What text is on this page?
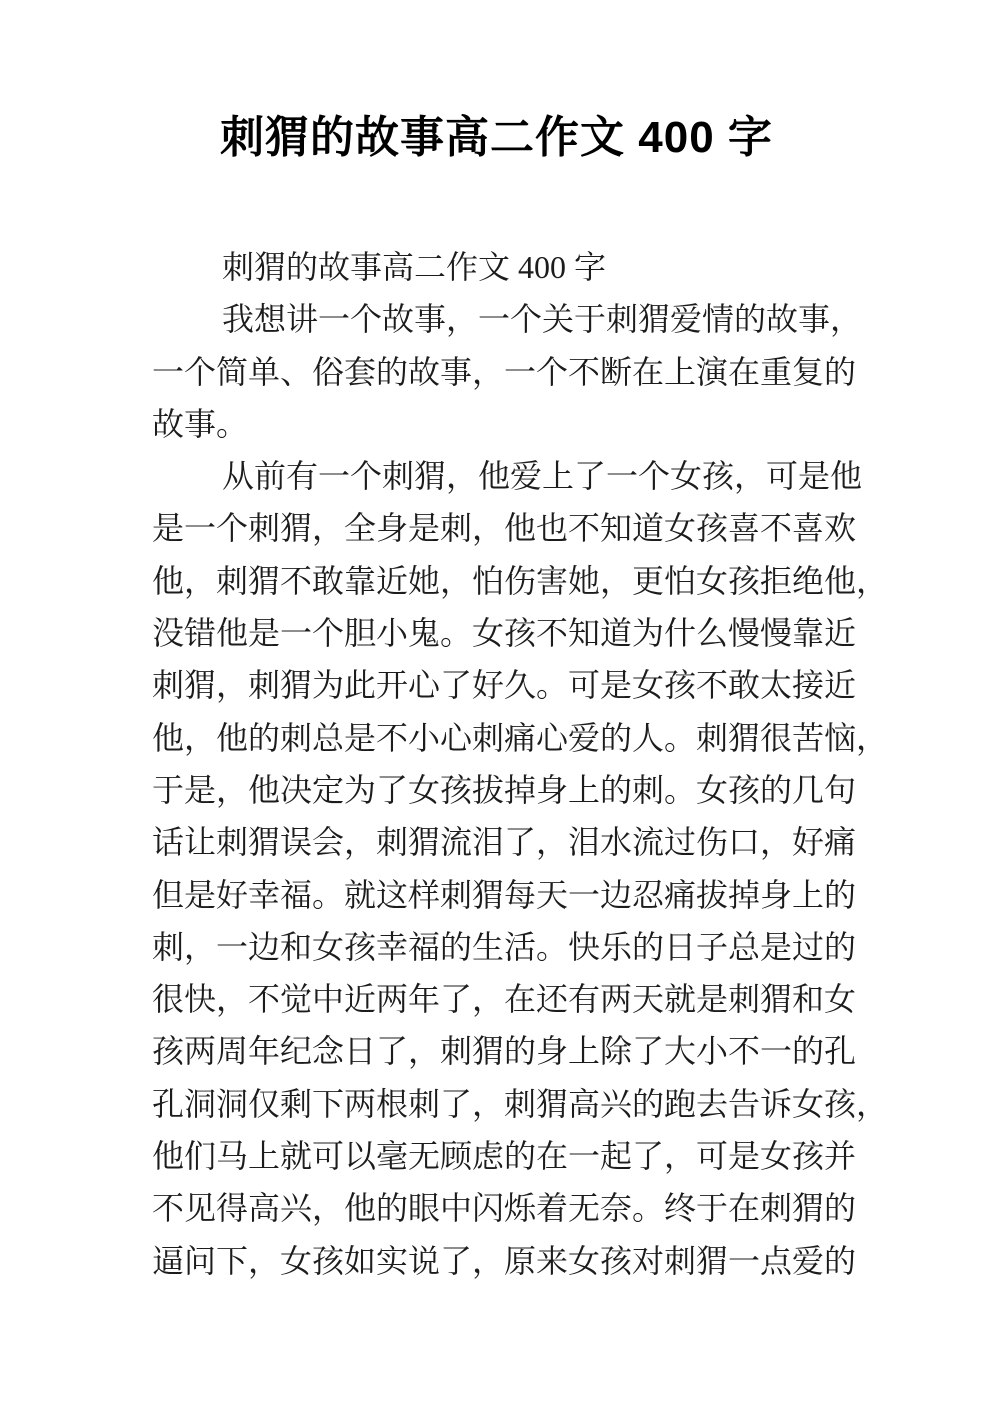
刺猬的故事高二作文 400 字
刺猬的故事高二作文 400 字
我想讲一个故事，一个关于刺猬爱情的故事，
一个简单、俗套的故事，一个不断在上演在重复的
故事。
从前有一个刺猬，他爱上了一个女孩，可是他
是一个刺猬，全身是刺，他也不知道女孩喜不喜欢
他，刺猬不敢靠近她，怕伤害她，更怕女孩拒绝他，
没错他是一个胆小鬼。女孩不知道为什么慢慢靠近
刺猬，刺猬为此开心了好久。可是女孩不敢太接近
他，他的刺总是不小心刺痛心爱的人。刺猬很苦恼，
于是，他决定为了女孩拔掉身上的刺。女孩的几句
话让刺猬误会，刺猬流泪了，泪水流过伤口，好痛
但是好幸福。就这样刺猬每天一边忍痛拔掉身上的
刺，一边和女孩幸福的生活。快乐的日子总是过的
很快，不觉中近两年了，在还有两天就是刺猬和女
孩两周年纪念日了，刺猬的身上除了大小不一的孔
孔洞洞仅剩下两根刺了，刺猬高兴的跑去告诉女孩，
他们马上就可以毫无顾虑的在一起了，可是女孩并
不见得高兴，他的眼中闪烁着无奈。终于在刺猬的
逼问下，女孩如实说了，原来女孩对刺猬一点爱的
